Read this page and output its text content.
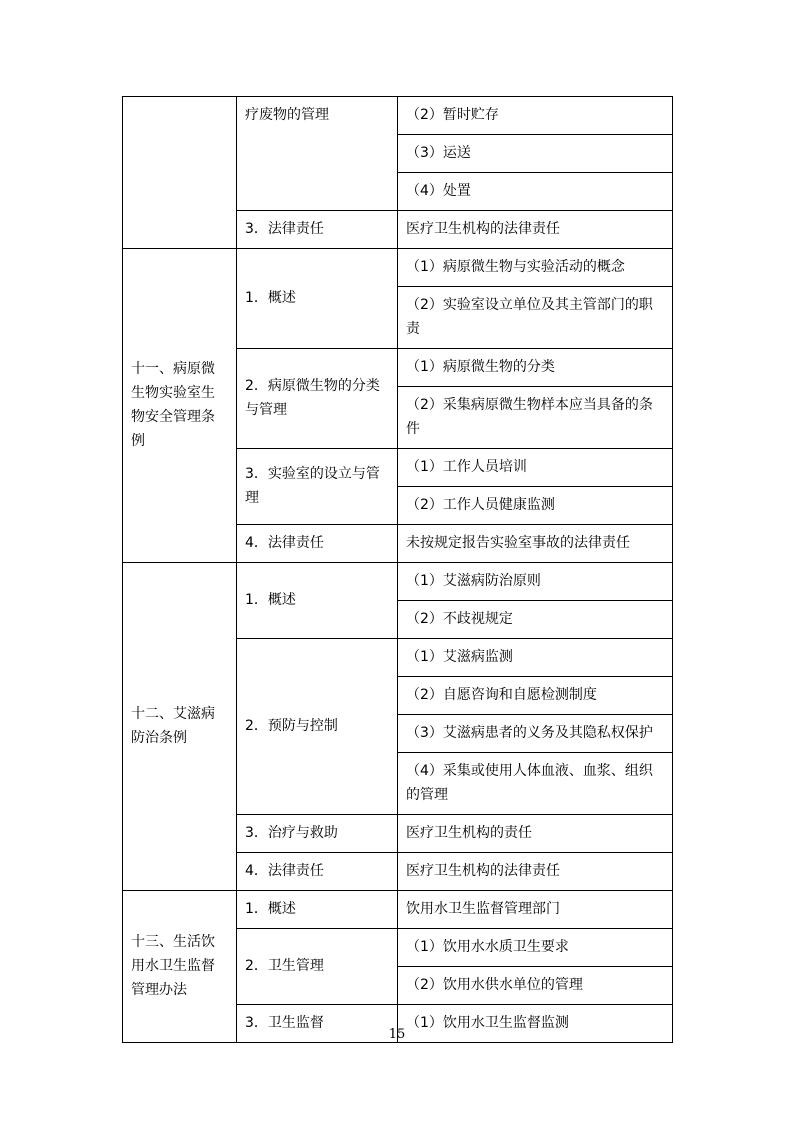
	疗废物的管理	（2）暂时贮存
		（3）运送
		（4）处置
	3．法律责任	医疗卫生机构的法律责任
十一、病原微生物实验室生物安全管理条例	1．概述	（1）病原微生物与实验活动的概念
		（2）实验室设立单位及其主管部门的职责
	2．病原微生物的分类与管理	（1）病原微生物的分类
		（2）采集病原微生物样本应当具备的条件
	3．实验室的设立与管理	（1）工作人员培训
		（2）工作人员健康监测
	4．法律责任	未按规定报告实验室事故的法律责任
十二、艾滋病防治条例	1．概述	（1）艾滋病防治原则
		（2）不歧视规定
	2．预防与控制	（1）艾滋病监测
		（2）自愿咨询和自愿检测制度
		（3）艾滋病患者的义务及其隐私权保护
		（4）采集或使用人体血液、血浆、组织的管理
	3．治疗与救助	医疗卫生机构的责任
	4．法律责任	医疗卫生机构的法律责任
十三、生活饮用水卫生监督管理办法	1．概述	饮用水卫生监督管理部门
	2．卫生管理	（1）饮用水水质卫生要求
		（2）饮用水供水单位的管理
	3．卫生监督	（1）饮用水卫生监督监测
15
